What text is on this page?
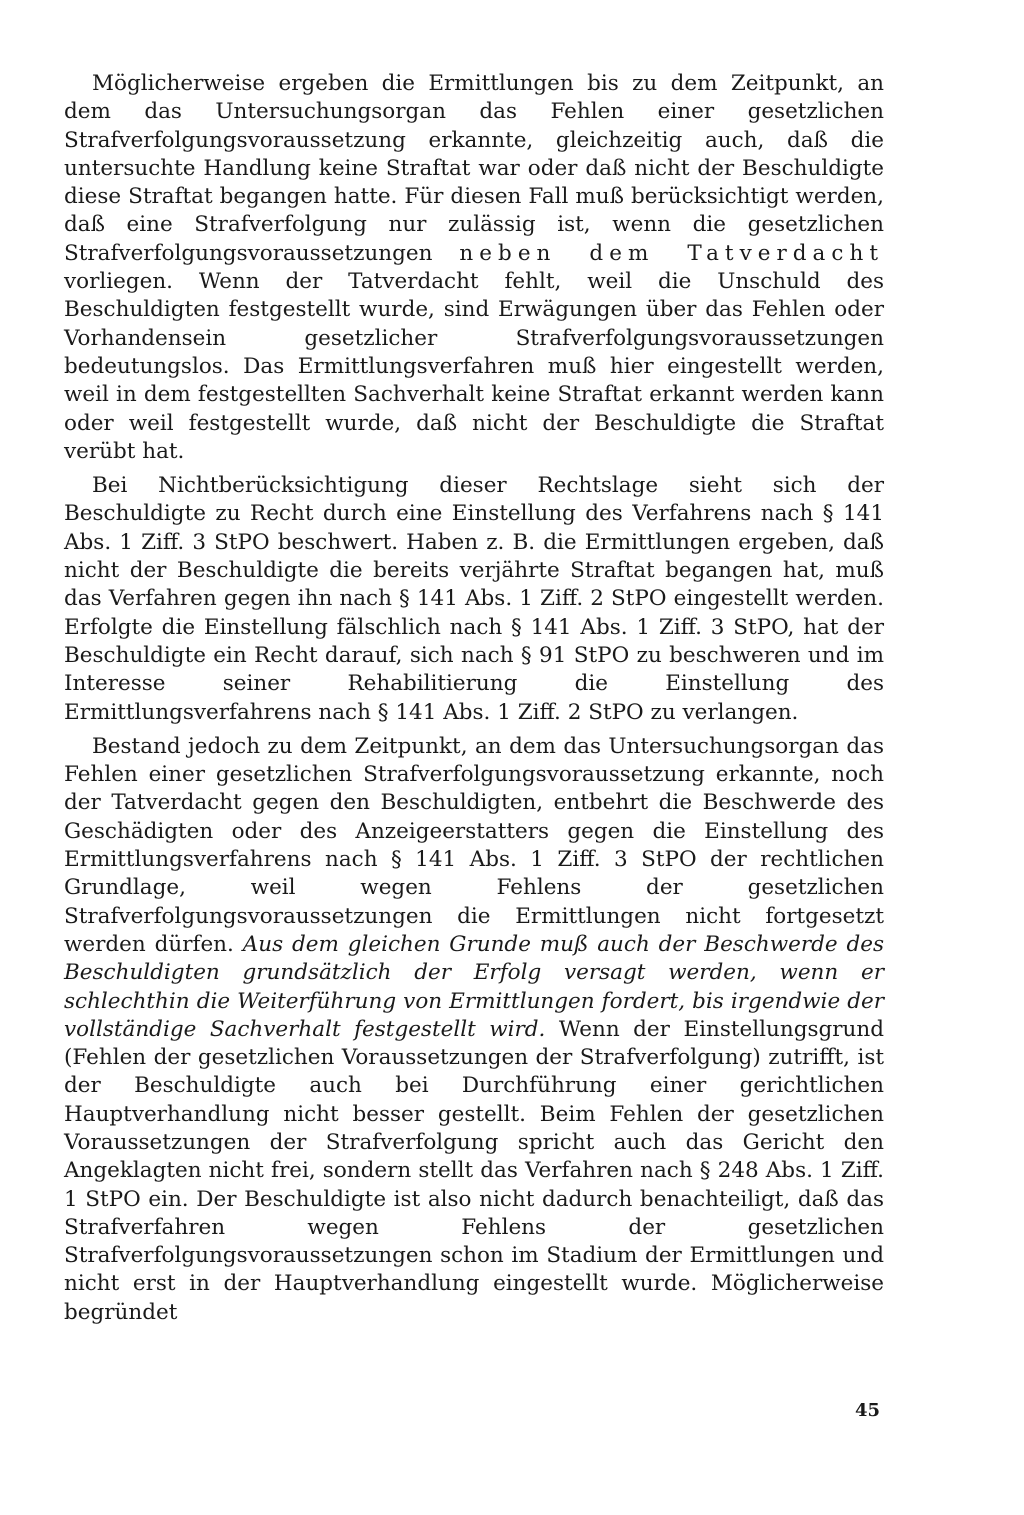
Möglicherweise ergeben die Ermittlungen bis zu dem Zeitpunkt, an dem das Untersuchungsorgan das Fehlen einer gesetzlichen Strafverfolgungsvoraussetzung erkannte, gleichzeitig auch, daß die untersuchte Handlung keine Straftat war oder daß nicht der Beschuldigte diese Straftat begangen hatte. Für diesen Fall muß berücksichtigt werden, daß eine Strafverfolgung nur zulässig ist, wenn die gesetzlichen Strafverfolgungsvoraussetzungen neben dem Tatverdacht vorliegen. Wenn der Tatverdacht fehlt, weil die Unschuld des Beschuldigten festgestellt wurde, sind Erwägungen über das Fehlen oder Vorhandensein gesetzlicher Strafverfolgungsvoraussetzungen bedeutungslos. Das Ermittlungsverfahren muß hier eingestellt werden, weil in dem festgestellten Sachverhalt keine Straftat erkannt werden kann oder weil festgestellt wurde, daß nicht der Beschuldigte die Straftat verübt hat.

Bei Nichtberücksichtigung dieser Rechtslage sieht sich der Beschuldigte zu Recht durch eine Einstellung des Verfahrens nach § 141 Abs. 1 Ziff. 3 StPO beschwert. Haben z. B. die Ermittlungen ergeben, daß nicht der Beschuldigte die bereits verjährte Straftat begangen hat, muß das Verfahren gegen ihn nach § 141 Abs. 1 Ziff. 2 StPO eingestellt werden. Erfolgte die Einstellung fälschlich nach § 141 Abs. 1 Ziff. 3 StPO, hat der Beschuldigte ein Recht darauf, sich nach § 91 StPO zu beschweren und im Interesse seiner Rehabilitierung die Einstellung des Ermittlungsverfahrens nach § 141 Abs. 1 Ziff. 2 StPO zu verlangen.

Bestand jedoch zu dem Zeitpunkt, an dem das Untersuchungsorgan das Fehlen einer gesetzlichen Strafverfolgungsvoraussetzung erkannte, noch der Tatverdacht gegen den Beschuldigten, entbehrt die Beschwerde des Geschädigten oder des Anzeigeerstatters gegen die Einstellung des Ermittlungsverfahrens nach § 141 Abs. 1 Ziff. 3 StPO der rechtlichen Grundlage, weil wegen Fehlens der gesetzlichen Strafverfolgungsvoraussetzungen die Ermittlungen nicht fortgesetzt werden dürfen. Aus dem gleichen Grunde muß auch der Beschwerde des Beschuldigten grundsätzlich der Erfolg versagt werden, wenn er schlechthin die Weiterführung von Ermittlungen fordert, bis irgendwie der vollständige Sachverhalt festgestellt wird. Wenn der Einstellungsgrund (Fehlen der gesetzlichen Voraussetzungen der Strafverfolgung) zutrifft, ist der Beschuldigte auch bei Durchführung einer gerichtlichen Hauptverhandlung nicht besser gestellt. Beim Fehlen der gesetzlichen Voraussetzungen der Strafverfolgung spricht auch das Gericht den Angeklagten nicht frei, sondern stellt das Verfahren nach § 248 Abs. 1 Ziff. 1 StPO ein. Der Beschuldigte ist also nicht dadurch benachteiligt, daß das Strafverfahren wegen Fehlens der gesetzlichen Strafverfolgungsvoraussetzungen schon im Stadium der Ermittlungen und nicht erst in der Hauptverhandlung eingestellt wurde. Möglicherweise begründet

45
